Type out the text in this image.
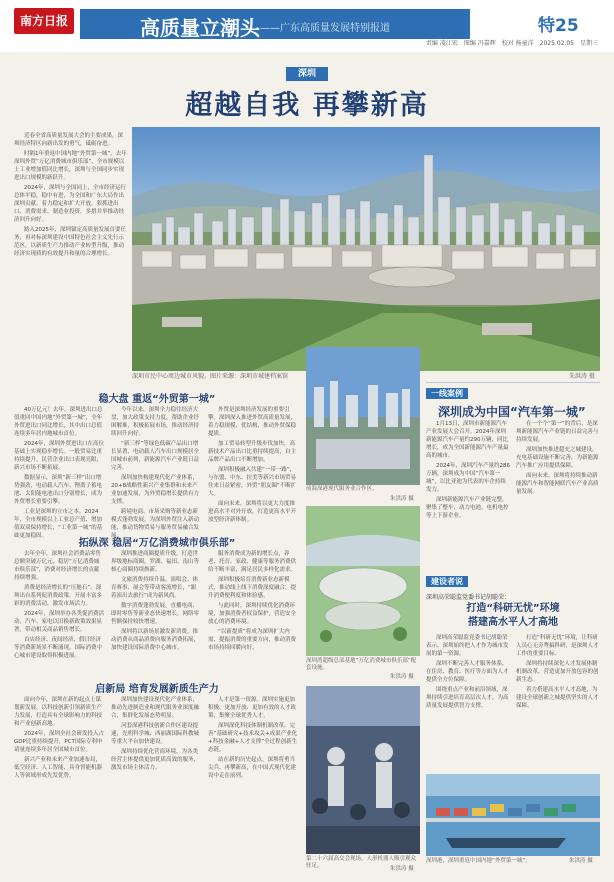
南方日报	高质量立潮头 ——广东高质量发展特别报道	特25
责编 凌江宏　图编 冯嘉辉　校对 杨童洋　2025.02.05　星期三
深圳
超越自我 再攀新高

近春全省高质量发展大会的主要成果，深圳经济特区向新出发的勇气，砥砺奋进。

时隔1年重返中国内地“外贸第一城”，去年深圳外贸“万亿消费城市俱乐部”，全市规模以上工业增加值同比增长，深圳与全国同步实现进出口规模的新跃升。

2024年，深圳与全国同上，全市经济运行总体平稳，稳中有进，为全国和广东大局作出深圳贡献。着力稳定和扩大开放，狠抓进出口、消费需求、制造业投资，多措并举推动经济回升向好。

踏入2025年，深圳锚定高质量发展首要任务，再对标深圳建设中国特色社会主义先行示范区，以新质生产力推动产业转型升级，推动经济实现质的有效提升和量的合理增长。

深圳市民中心周边城市风貌。图片来源：深圳市城建档案馆	朱洪涛 摄
稳大盘 重返“外贸第一城”

40万亿元！去年，深圳进出口总值重回中国内地“外贸第一城”，全年外贸进出口同比增长，其中出口总值连续多年居内地城市首位。

2024年，深圳外贸进出口在高位基础上实现稳步增长。一般贸易比重持续提升，民营企业出口表现亮眼，新兴市场不断拓展。

数据显示，深圳“新三样”出口增势强劲，电动载人汽车、锂离子蓄电池、太阳能电池出口分别增长，成为外贸增长重要引擎。

工业是深圳的立市之本。2024年，全市规模以上工业总产值、增加值双双保持增长，“工业第一城”的基础更加稳固。

今年以来，深圳全力稳住经济大盘，加大政策支持力度，帮助企业纾困解难，积极拓展市场，推动经济持续回升向好。

“新三样”等绿色低碳产品出口增长显著，电动载人汽车出口规模居全国城市前列，新能源汽车产业链日益完善。

深圳加快构建现代化产业体系，20+8战略性新兴产业集群和未来产业加速发展，为外贸稳增长提供有力支撑。

跨境电商、市场采购等新业态新模式蓬勃发展，为深圳外贸注入新动能，推动货物贸易与服务贸易融合发展。

外贸是深圳经济发展的重要引擎。深圳深入推进外贸高质量发展，着力稳规模、优结构，推动外贸保稳提质。

加工贸易转型升级步伐加快，高新技术产品出口比重持续提高，自主品牌产品出口不断增加。

深圳积极融入共建“一带一路”，与东盟、中东、拉美等新兴市场贸易往来日益紧密，外贸“朋友圈”不断扩大。

面向未来，深圳将以更大力度推进高水平对外开放，打造更高水平开放型经济新体制。

拓纵深 稳居“万亿消费城市俱乐部”

去年全年，深圳社会消费品零售总额突破万亿元，稳居“万亿消费城市俱乐部”，消费对经济增长的贡献持续增强。

消费是经济增长的“压舱石”。深圳出台系列促消费政策，开展丰富多彩的消费活动，激发市场活力。

2024年，深圳举办各类促消费活动，汽车、家电以旧换新政策效果显著，带动相关商品销售增长。

首店经济、夜间经济、假日经济等消费新场景不断涌现，国际消费中心城市建设取得积极进展。

深圳推进商圈提质升级，打造世界级地标商圈，罗湖、福田、南山等核心商圈持续焕新。

文旅消费持续升温，演唱会、体育赛事、展会等带动客流增长，“跟着演出去旅行”成为新风尚。

数字消费蓬勃发展，直播电商、即时零售等新业态快速增长，网络零售额保持较快增速。

深圳将以新场景激发新消费，推动消费从商品消费向服务消费拓展，加快建设国际消费中心城市。

服务消费成为新的增长点，养老、托育、家政、健康等服务消费供给不断丰富，满足居民多样化需求。

深圳积极培育消费新业态新模式，推动线上线下消费深度融合，提升消费便利度和体验感。

与此同时，深圳持续优化消费环境，加强消费者权益保护，营造安全放心的消费环境。

“以新提质”将成为深圳扩大内需、提振消费的重要方向，推动消费市场持续回暖向好。

启新局 培育发展新质生产力

面向今年，深圳在新的起点上谋划新发展，以科技创新引领新质生产力发展，打造具有全球影响力的科技和产业创新高地。

2024年，深圳全社会研发投入占GDP比重持续提升，PCT国际专利申请量连续多年居全国城市首位。

新兴产业和未来产业加速布局，低空经济、人工智能、具身智能机器人等领域形成先发优势。

深圳加快建设现代化产业体系，推动先进制造业和现代服务业深度融合，集群化发展态势明显。

河套深港科技创新合作区建设提速，光明科学城、西丽湖国际科教城等重大平台加快建设。

深圳持续优化营商环境，为各类经营主体提供更加优质高效的服务，激发市场主体活力。

人才是第一资源。深圳实施更加积极、更加开放、更加有效的人才政策，集聚全球优秀人才。

深圳深化科技体制机制改革，完善“基础研究+技术攻关+成果产业化+科技金融+人才支撑”全过程创新生态链。

站在新的历史起点，深圳将勇当尖兵、再攀新高，在中国式现代化建设中走在前列。

前海深港现代服务业合作区。
朱洪涛 摄
深圳湾超级总部基地“万亿消费城市俱乐部”配套设施。
朱洪涛 摄
第二十六届高交会现场，人形机器人吸引观众驻足。	朱洪涛 摄
一线案例
深圳成为中国“汽车第一城”

1月13日，深圳市新能源汽车产业发展大会召开。2024年深圳新能源汽车产量约290万辆，同比增长，成为全国新能源汽车产量最高的城市。

2024年，深圳汽车产量约286万辆，深圳成为中国“汽车第一城”，以比亚迪为代表的车企持续发力。

深圳新能源汽车产业链完整，聚集了整车、动力电池、电机电控等上下游企业。

在一个个“第一”的背后，是深圳新能源汽车产业链的日益完善与持续发展。

深圳加快推进超充之城建设，充电基础设施不断完善，为新能源汽车推广应用提供保障。

面向未来，深圳将持续推动新能源汽车和智能网联汽车产业高质量发展。

建设者说
深圳高荣聪监党委书记胡聪荣：
打造“科研无忧”环境
搭建高水平人才高地

深圳高荣聪监党委书记胡聪荣表示，深圳始终把人才作为城市发展的第一资源。

深圳不断完善人才服务体系，在住房、教育、医疗等方面为人才提供全方位保障。

围绕重点产业和前沿领域，深圳持续引进培育高层次人才，为高质量发展提供智力支撑。

打造“科研无忧”环境，让科研人员心无旁骛搞科研，是深圳人才工作的重要目标。

深圳将持续深化人才发展体制机制改革，营造更加开放包容的创新生态。

着力搭建高水平人才高地，为建设全球创新之城提供坚实的人才保障。

深圳港，深圳重返中国内地“外贸第一城”。	朱洪涛 摄
